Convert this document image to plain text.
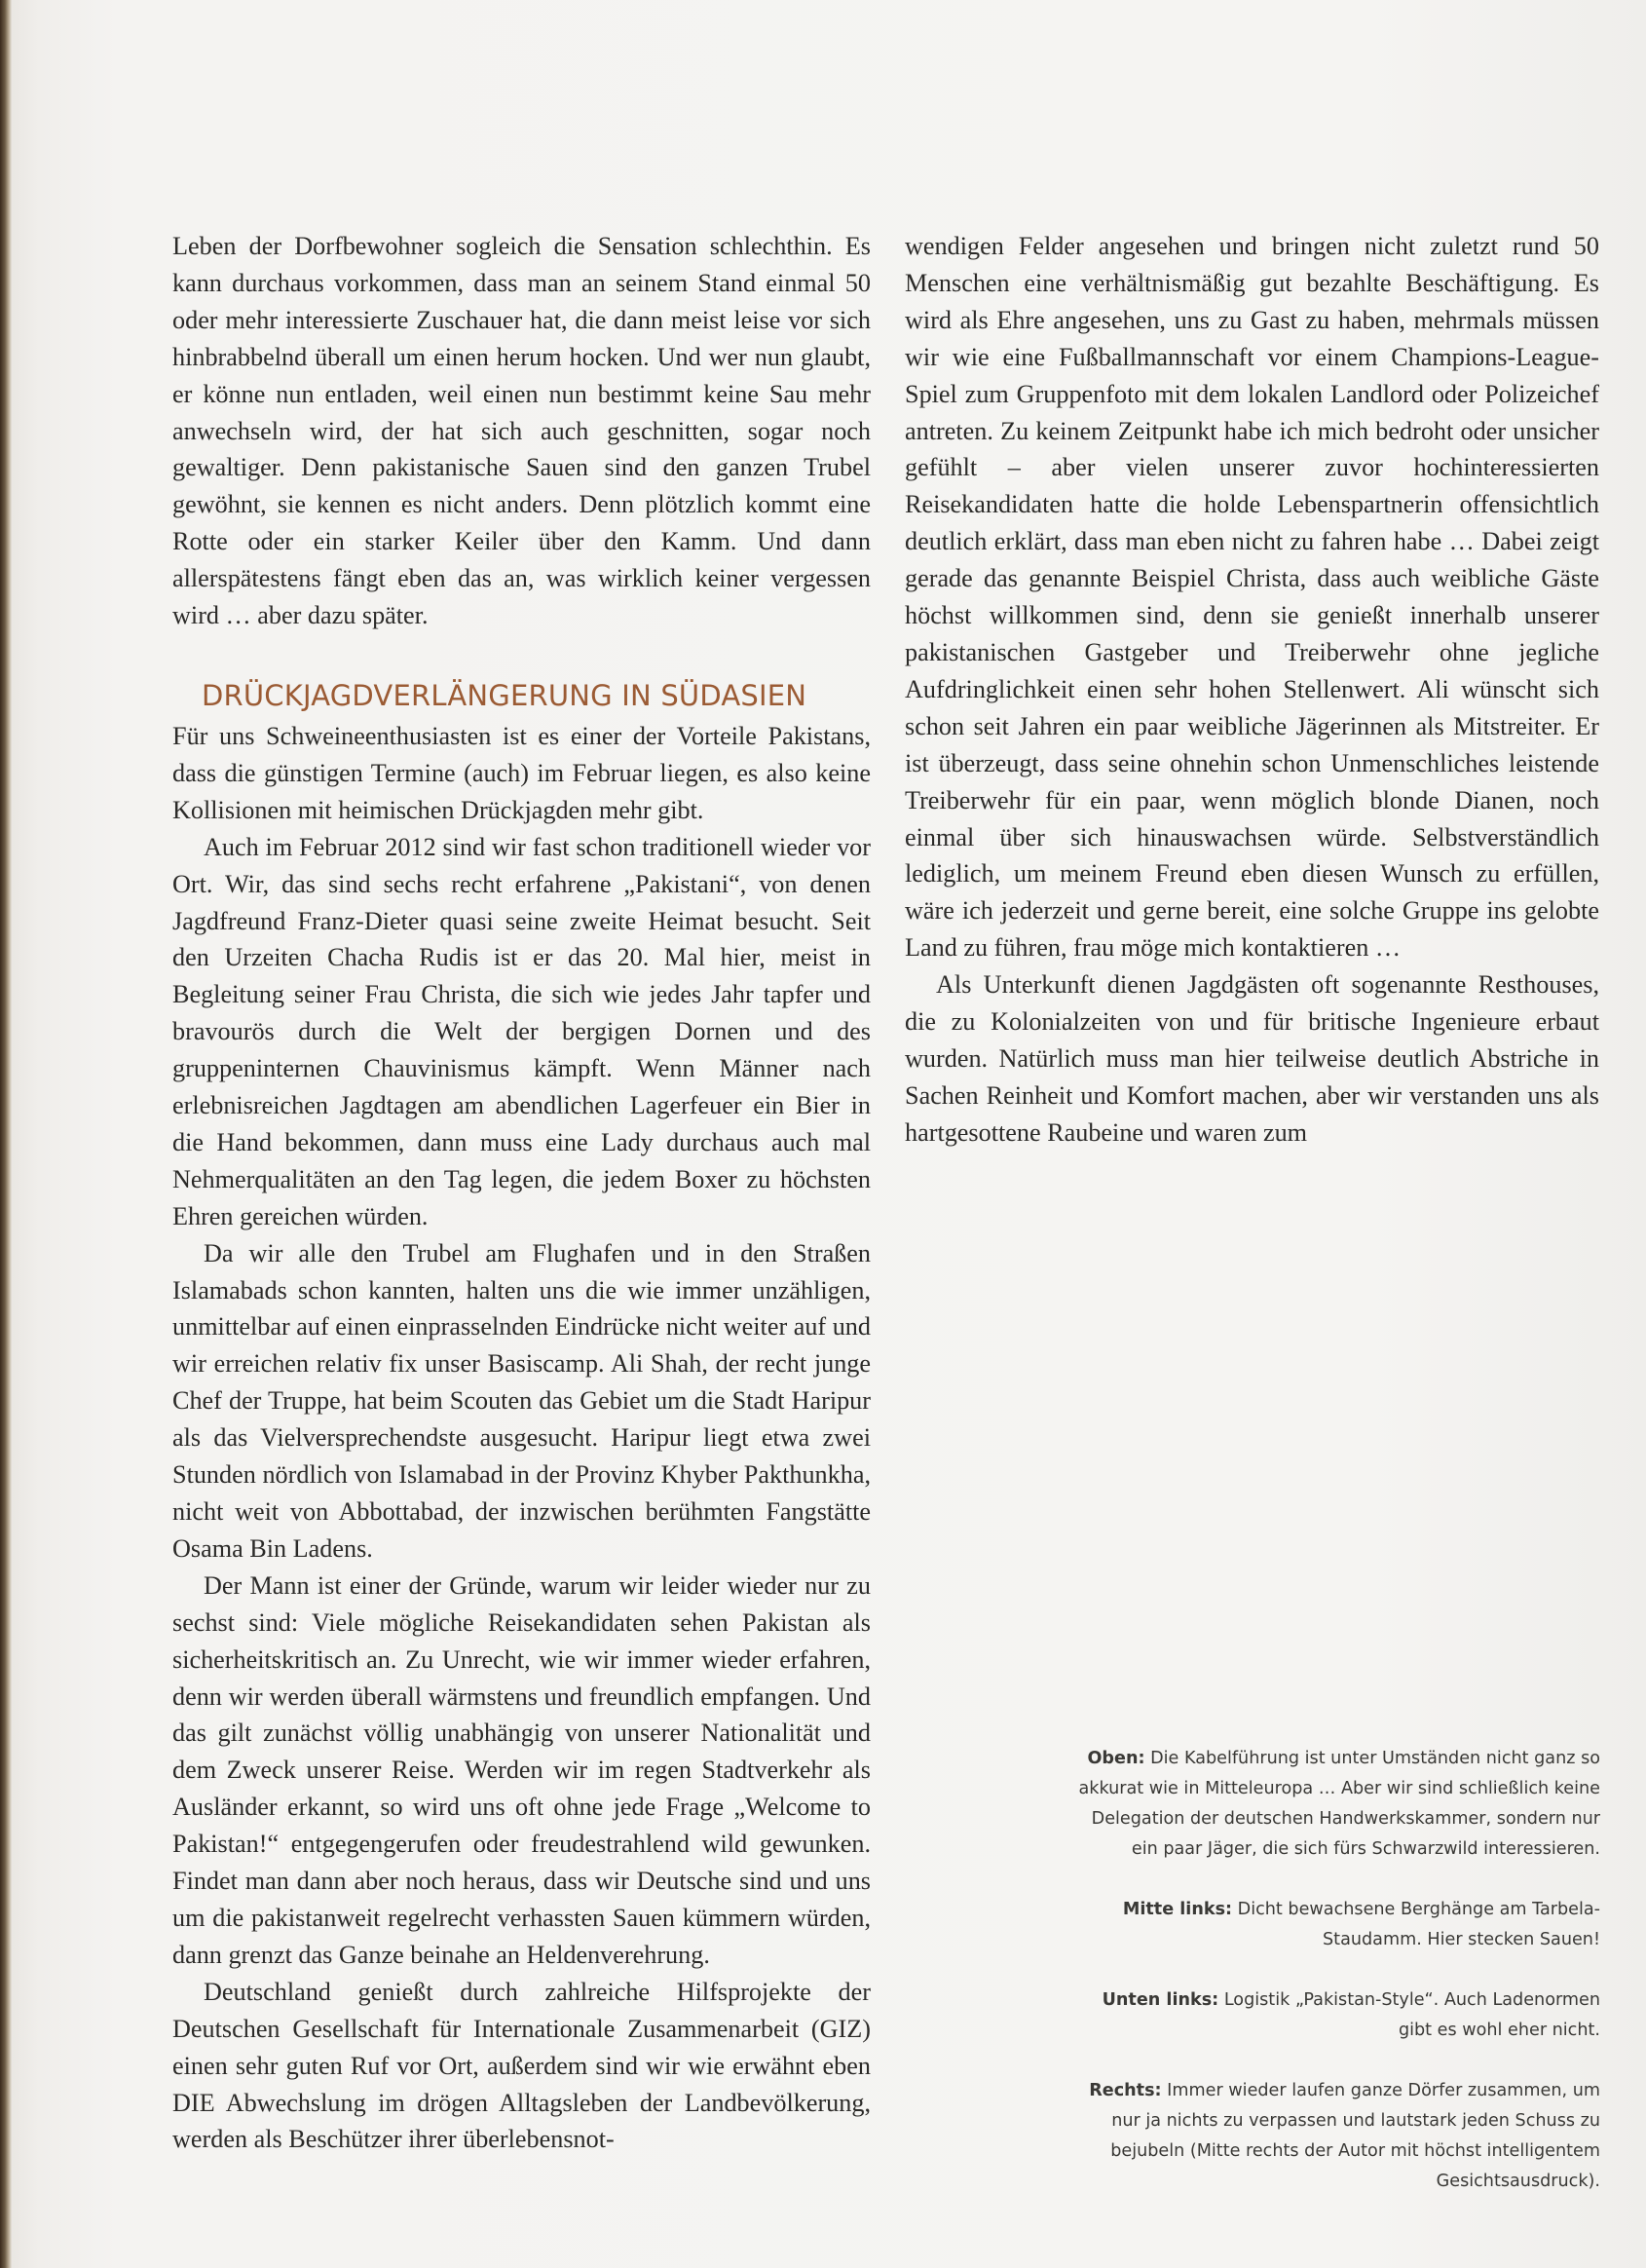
Leben der Dorfbewohner sogleich die Sensation schlechthin. Es kann durchaus vorkommen, dass man an seinem Stand einmal 50 oder mehr interessierte Zuschauer hat, die dann meist leise vor sich hinbrabbelnd überall um einen herum hocken. Und wer nun glaubt, er könne nun entladen, weil einen nun bestimmt keine Sau mehr anwechseln wird, der hat sich auch geschnitten, sogar noch gewaltiger. Denn pakistanische Sauen sind den ganzen Trubel gewöhnt, sie kennen es nicht anders. Denn plötzlich kommt eine Rotte oder ein starker Keiler über den Kamm. Und dann allerspätestens fängt eben das an, was wirklich keiner vergessen wird … aber dazu später.

DRÜCKJAGDVERLÄNGERUNG IN SÜDASIEN

Für uns Schweineenthusiasten ist es einer der Vorteile Pakistans, dass die günstigen Termine (auch) im Februar liegen, es also keine Kollisionen mit heimischen Drückjagden mehr gibt.

Auch im Februar 2012 sind wir fast schon traditionell wieder vor Ort. Wir, das sind sechs recht erfahrene „Pakistani“, von denen Jagdfreund Franz-Dieter quasi seine zweite Heimat besucht. Seit den Urzeiten Chacha Rudis ist er das 20. Mal hier, meist in Begleitung seiner Frau Christa, die sich wie jedes Jahr tapfer und bravourös durch die Welt der bergigen Dornen und des gruppeninternen Chauvinismus kämpft. Wenn Männer nach erlebnisreichen Jagdtagen am abendlichen Lagerfeuer ein Bier in die Hand bekommen, dann muss eine Lady durchaus auch mal Nehmerqualitäten an den Tag legen, die jedem Boxer zu höchsten Ehren gereichen würden.

Da wir alle den Trubel am Flughafen und in den Straßen Islamabads schon kannten, halten uns die wie immer unzähligen, unmittelbar auf einen einprasselnden Eindrücke nicht weiter auf und wir erreichen relativ fix unser Basiscamp. Ali Shah, der recht junge Chef der Truppe, hat beim Scouten das Gebiet um die Stadt Haripur als das Vielversprechendste ausgesucht. Haripur liegt etwa zwei Stunden nördlich von Islamabad in der Provinz Khyber Pakthunkha, nicht weit von Abbottabad, der inzwischen berühmten Fangstätte Osama Bin Ladens.

Der Mann ist einer der Gründe, warum wir leider wieder nur zu sechst sind: Viele mögliche Reisekandidaten sehen Pakistan als sicherheitskritisch an. Zu Unrecht, wie wir immer wieder erfahren, denn wir werden überall wärmstens und freundlich empfangen. Und das gilt zunächst völlig unabhängig von unserer Nationalität und dem Zweck unserer Reise. Werden wir im regen Stadtverkehr als Ausländer erkannt, so wird uns oft ohne jede Frage „Welcome to Pakistan!“ entgegengerufen oder freudestrahlend wild gewunken. Findet man dann aber noch heraus, dass wir Deutsche sind und uns um die pakistanweit regelrecht verhassten Sauen kümmern würden, dann grenzt das Ganze beinahe an Heldenverehrung.

Deutschland genießt durch zahlreiche Hilfsprojekte der Deutschen Gesellschaft für Internationale Zusammenarbeit (GIZ) einen sehr guten Ruf vor Ort, außerdem sind wir wie erwähnt eben DIE Abwechslung im drögen Alltagsleben der Landbevölkerung, werden als Beschützer ihrer überlebensnot-

wendigen Felder angesehen und bringen nicht zuletzt rund 50 Menschen eine verhältnismäßig gut bezahlte Beschäftigung. Es wird als Ehre angesehen, uns zu Gast zu haben, mehrmals müssen wir wie eine Fußballmannschaft vor einem Champions-League-Spiel zum Gruppenfoto mit dem lokalen Landlord oder Polizeichef antreten. Zu keinem Zeitpunkt habe ich mich bedroht oder unsicher gefühlt – aber vielen unserer zuvor hochinteressierten Reisekandidaten hatte die holde Lebenspartnerin offensichtlich deutlich erklärt, dass man eben nicht zu fahren habe … Dabei zeigt gerade das genannte Beispiel Christa, dass auch weibliche Gäste höchst willkommen sind, denn sie genießt innerhalb unserer pakistanischen Gastgeber und Treiberwehr ohne jegliche Aufdringlichkeit einen sehr hohen Stellenwert. Ali wünscht sich schon seit Jahren ein paar weibliche Jägerinnen als Mitstreiter. Er ist überzeugt, dass seine ohnehin schon Unmenschliches leistende Treiberwehr für ein paar, wenn möglich blonde Dianen, noch einmal über sich hinauswachsen würde. Selbstverständlich lediglich, um meinem Freund eben diesen Wunsch zu erfüllen, wäre ich jederzeit und gerne bereit, eine solche Gruppe ins gelobte Land zu führen, frau möge mich kontaktieren …

Als Unterkunft dienen Jagdgästen oft sogenannte Resthouses, die zu Kolonialzeiten von und für britische Ingenieure erbaut wurden. Natürlich muss man hier teilweise deutlich Abstriche in Sachen Reinheit und Komfort machen, aber wir verstanden uns als hartgesottene Raubeine und waren zum

Oben: Die Kabelführung ist unter Umständen nicht ganz so akkurat wie in Mitteleuropa … Aber wir sind schließlich keine Delegation der deutschen Handwerkskammer, sondern nur ein paar Jäger, die sich fürs Schwarzwild interessieren.

Mitte links: Dicht bewachsene Berghänge am Tarbela-Staudamm. Hier stecken Sauen!

Unten links: Logistik „Pakistan-Style“. Auch Ladenormen gibt es wohl eher nicht.

Rechts: Immer wieder laufen ganze Dörfer zusammen, um nur ja nichts zu verpassen und lautstark jeden Schuss zu bejubeln (Mitte rechts der Autor mit höchst intelligentem Gesichtsausdruck).
